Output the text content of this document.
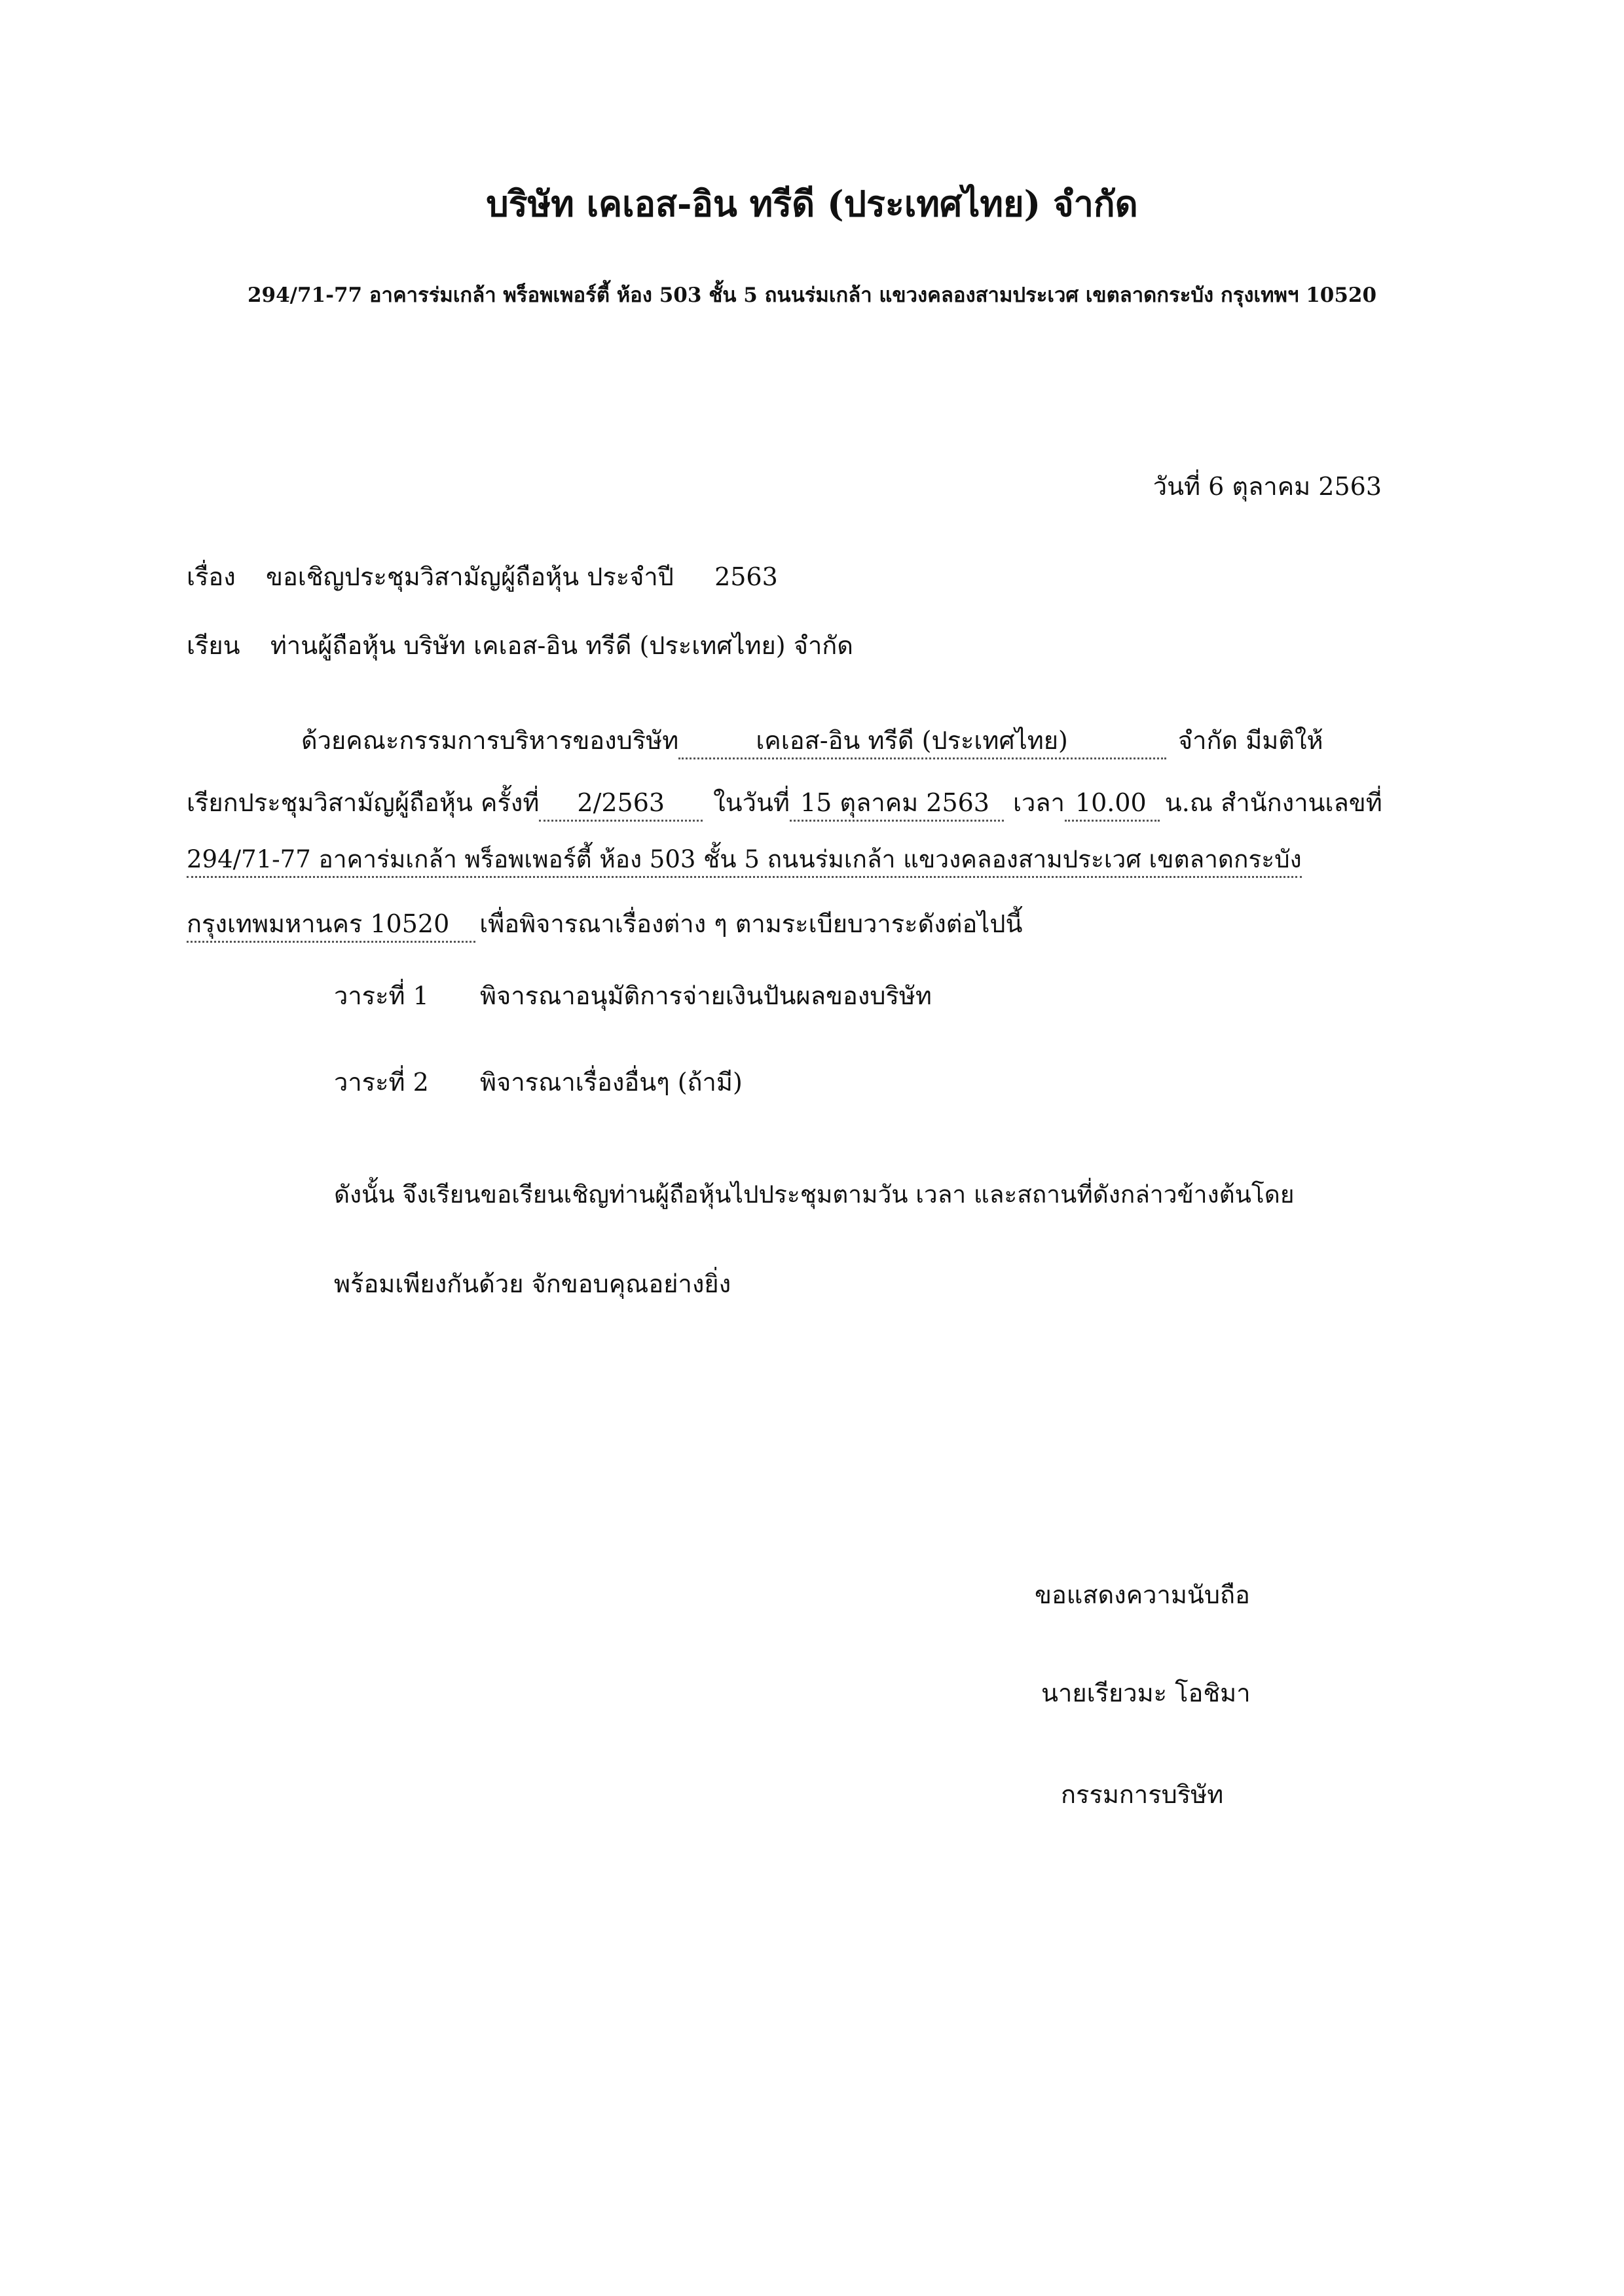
บริษัท เคเอส-อิน ทรีดี (ประเทศไทย) จำกัด
294/71-77 อาคารร่มเกล้า พร็อพเพอร์ตี้ ห้อง 503 ชั้น 5 ถนนร่มเกล้า แขวงคลองสามประเวศ เขตลาดกระบัง กรุงเทพฯ 10520
วันที่ 6 ตุลาคม 2563
เรื่อง ขอเชิญประชุมวิสามัญผู้ถือหุ้น ประจำปี 2563
เรียน ท่านผู้ถือหุ้น บริษัท เคเอส-อิน ทรีดี (ประเทศไทย) จำกัด
ด้วยคณะกรรมการบริหารของบริษัท	เคเอส-อิน ทรีดี (ประเทศไทย)	จำกัด มีมติให้
เรียกประชุมวิสามัญผู้ถือหุ้น ครั้งที่ 2/2563 ในวันที่ 15 ตุลาคม 2563 เวลา 10.00 น.ณ สำนักงานเลขที่
294/71-77 อาคาร่มเกล้า พร็อพเพอร์ตี้ ห้อง 503 ชั้น 5 ถนนร่มเกล้า แขวงคลองสามประเวศ เขตลาดกระบัง
กรุงเทพมหานคร 10520 เพื่อพิจารณาเรื่องต่าง ๆ ตามระเบียบวาระดังต่อไปนี้
วาระที่ 1 พิจารณาอนุมัติการจ่ายเงินปันผลของบริษัท
วาระที่ 2 พิจารณาเรื่องอื่นๆ (ถ้ามี)
ดังนั้น จึงเรียนขอเรียนเชิญท่านผู้ถือหุ้นไปประชุมตามวัน เวลา และสถานที่ดังกล่าวข้างต้นโดย
พร้อมเพียงกันด้วย จักขอบคุณอย่างยิ่ง
ขอแสดงความนับถือ
นายเรียวมะ โอชิมา
กรรมการบริษัท
